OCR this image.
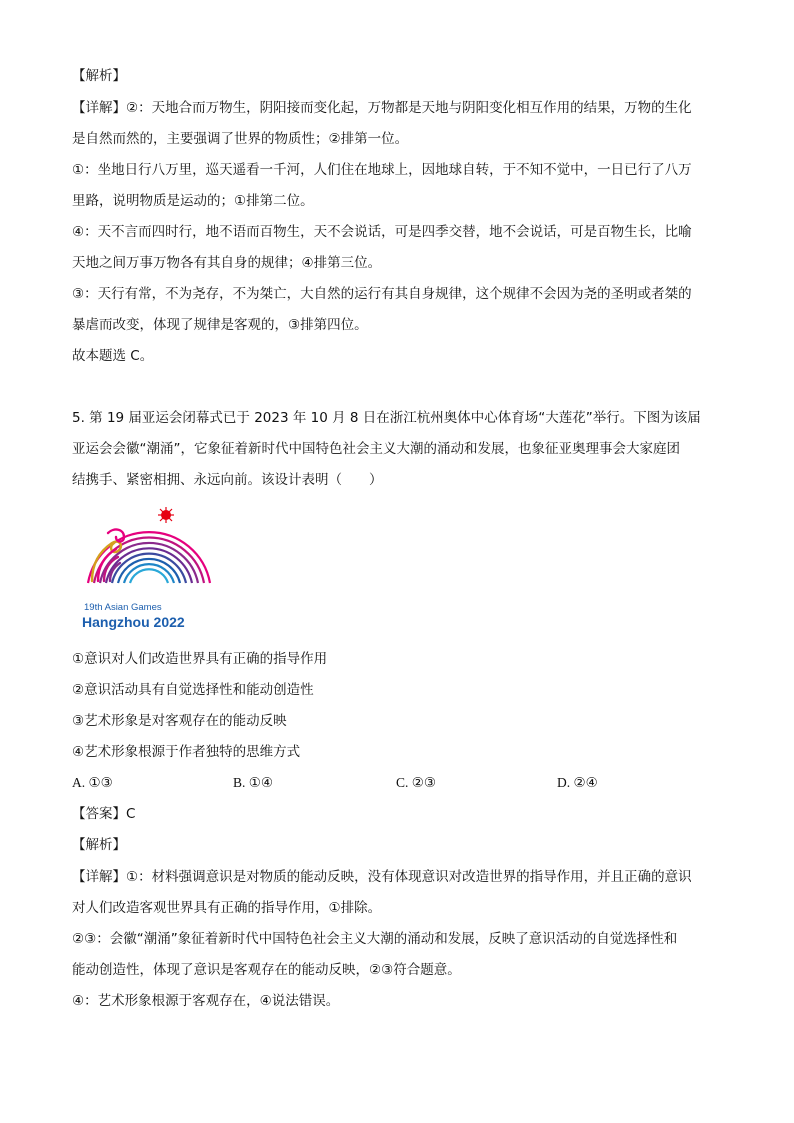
【解析】
【详解】②：天地合而万物生，阴阳接而变化起，万物都是天地与阴阳变化相互作用的结果，万物的生化
是自然而然的，主要强调了世界的物质性；②排第一位。
①：坐地日行八万里，巡天遥看一千河，人们住在地球上，因地球自转，于不知不觉中，一日已行了八万
里路，说明物质是运动的；①排第二位。
④：天不言而四时行，地不语而百物生，天不会说话，可是四季交替，地不会说话，可是百物生长，比喻
天地之间万事万物各有其自身的规律；④排第三位。
③：天行有常，不为尧存，不为桀亡，大自然的运行有其自身规律，这个规律不会因为尧的圣明或者桀的
暴虐而改变，体现了规律是客观的，③排第四位。
故本题选 C。
5. 第 19 届亚运会闭幕式已于 2023 年 10 月 8 日在浙江杭州奥体中心体育场“大莲花”举行。下图为该届
亚运会会徽“潮涌”，它象征着新时代中国特色社会主义大潮的涌动和发展，也象征亚奥理事会大家庭团
结携手、紧密相拥、永远向前。该设计表明（　　）
19th Asian Games
Hangzhou 2022
①意识对人们改造世界具有正确的指导作用
②意识活动具有自觉选择性和能动创造性
③艺术形象是对客观存在的能动反映
④艺术形象根源于作者独特的思维方式
A. ①③	B. ①④	C. ②③	D. ②④
【答案】C
【解析】
【详解】①：材料强调意识是对物质的能动反映，没有体现意识对改造世界的指导作用，并且正确的意识
对人们改造客观世界具有正确的指导作用，①排除。
②③：会徽“潮涌”象征着新时代中国特色社会主义大潮的涌动和发展，反映了意识活动的自觉选择性和
能动创造性，体现了意识是客观存在的能动反映，②③符合题意。
④：艺术形象根源于客观存在，④说法错误。
